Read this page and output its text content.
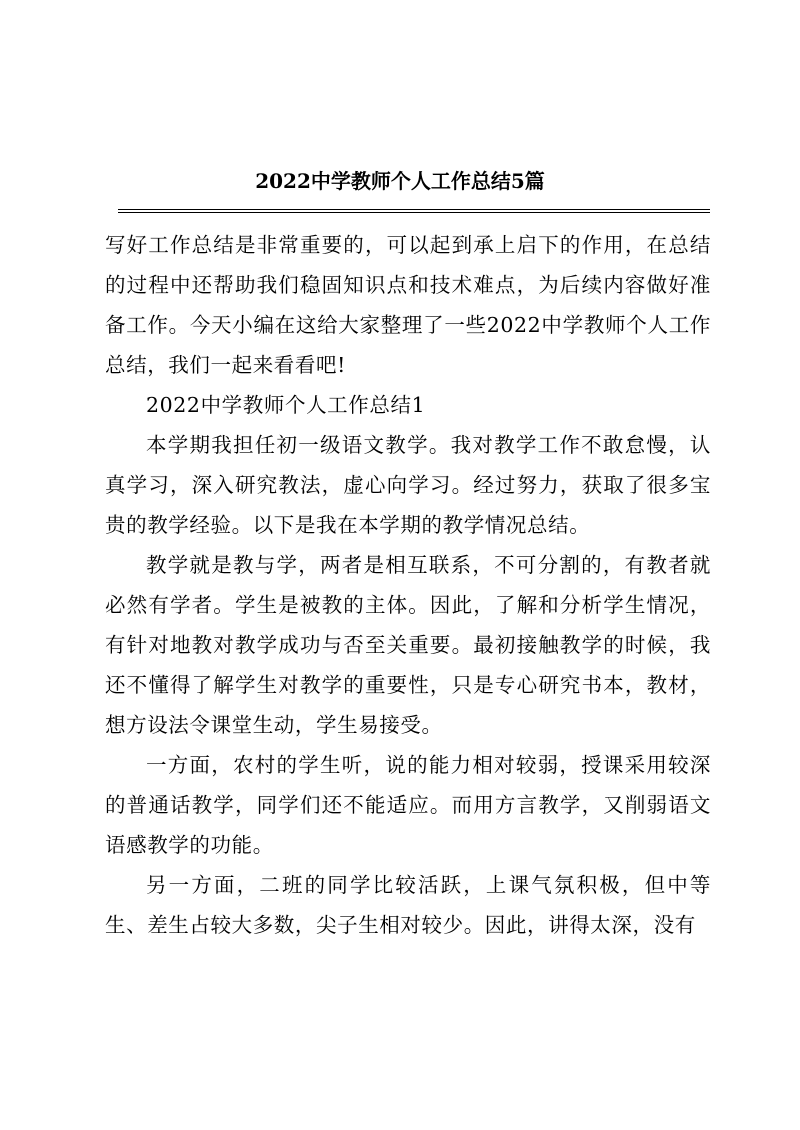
2022中学教师个人工作总结5篇

写好工作总结是非常重要的，可以起到承上启下的作用，在总结的过程中还帮助我们稳固知识点和技术难点，为后续内容做好准备工作。今天小编在这给大家整理了一些2022中学教师个人工作总结，我们一起来看看吧!

2022中学教师个人工作总结1

本学期我担任初一级语文教学。我对教学工作不敢怠慢，认真学习，深入研究教法，虚心向学习。经过努力，获取了很多宝贵的教学经验。以下是我在本学期的教学情况总结。

教学就是教与学，两者是相互联系，不可分割的，有教者就必然有学者。学生是被教的主体。因此，了解和分析学生情况，有针对地教对教学成功与否至关重要。最初接触教学的时候，我还不懂得了解学生对教学的重要性，只是专心研究书本，教材，想方设法令课堂生动，学生易接受。

一方面，农村的学生听，说的能力相对较弱，授课采用较深的普通话教学，同学们还不能适应。而用方言教学，又削弱语文语感教学的功能。

另一方面，二班的同学比较活跃，上课气氛积极，但中等生、差生占较大多数，尖子生相对较少。因此，讲得太深，没有
